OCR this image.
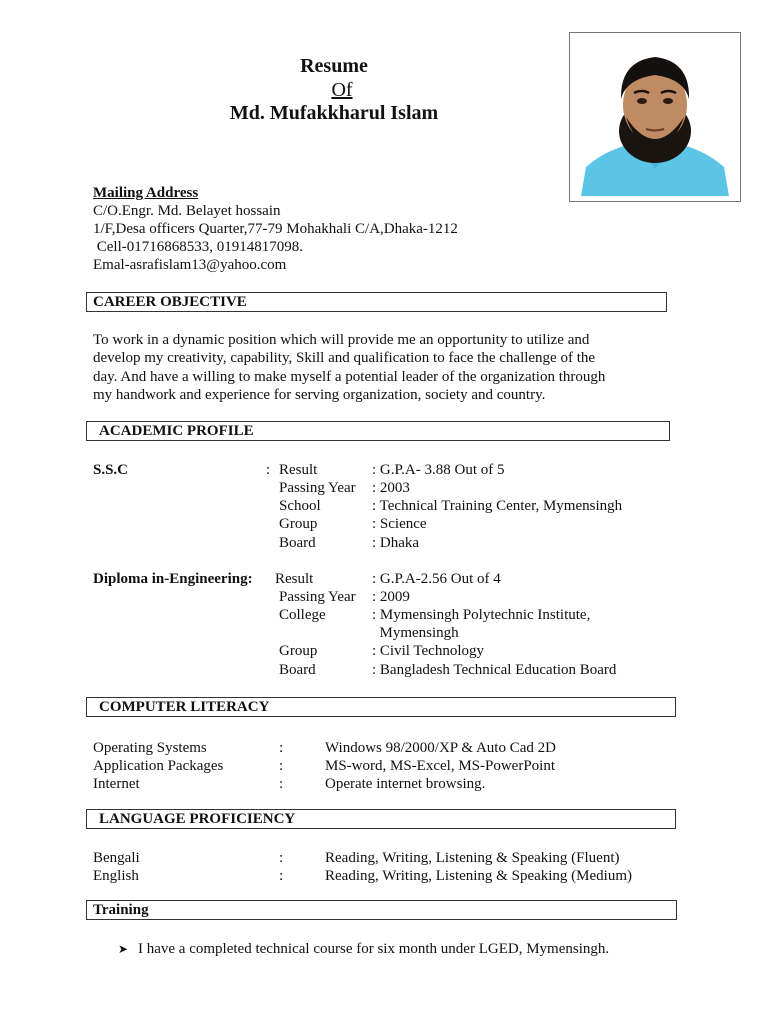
Resume
Of
Md. Mufakkharul Islam
Mailing Address
C/O.Engr. Md. Belayet hossain
1/F,Desa officers Quarter,77-79 Mohakhali C/A,Dhaka-1212
Cell-01716868533, 01914817098.
Emal-asrafislam13@yahoo.com
CAREER OBJECTIVE
To work in a dynamic position which will provide me an opportunity to utilize and
develop my creativity, capability, Skill and qualification to face the challenge of the
day. And have a willing to make myself a potential leader of the organization through
my handwork and experience for serving organization, society and country.
ACADEMIC PROFILE
S.S.C	: Result	: G.P.A- 3.88 Out of 5
Passing Year : 2003
School	: Technical Training Center, Mymensingh
Group	: Science
Board	: Dhaka
Diploma in-Engineering: Result	: G.P.A-2.56 Out of 4
Passing Year : 2009
College	: Mymensingh Polytechnic Institute,
Mymensingh
Group	: Civil Technology
Board	: Bangladesh Technical Education Board
COMPUTER LITERACY
Operating Systems	:	Windows 98/2000/XP & Auto Cad 2D
Application Packages	:	MS-word, MS-Excel, MS-PowerPoint
Internet	:	Operate internet browsing.
LANGUAGE PROFICIENCY
Bengali	:	Reading, Writing, Listening & Speaking (Fluent)
English	:	Reading, Writing, Listening & Speaking (Medium)
Training
➤ I have a completed technical course for six month under LGED, Mymensingh.
